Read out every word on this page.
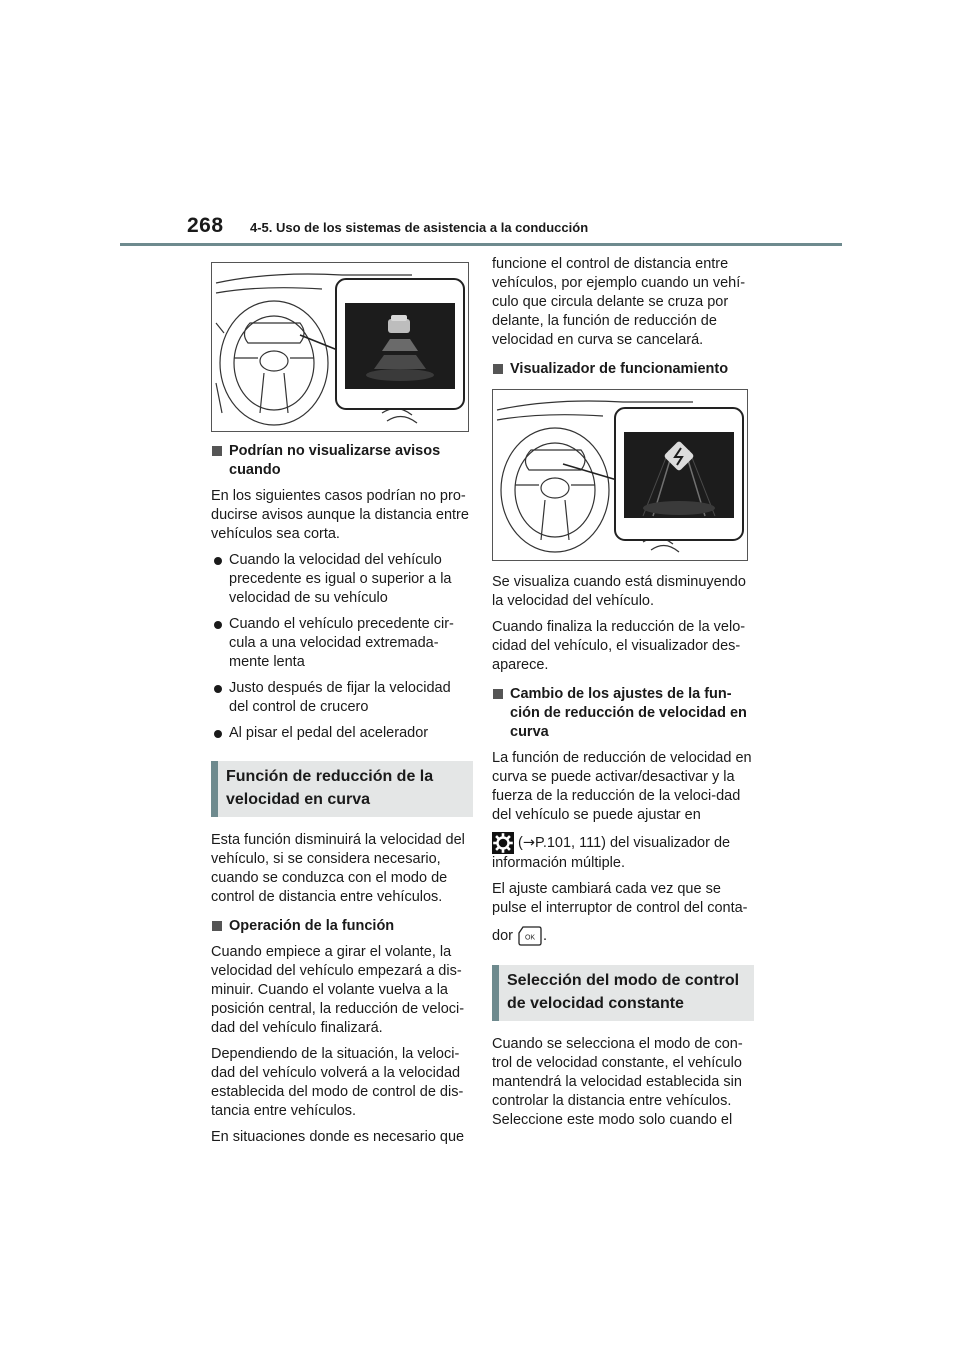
268 4-5. Uso de los sistemas de asistencia a la conducción
Podrían no visualizarse avisos cuando

En los siguientes casos podrían no pro-ducirse avisos aunque la distancia entre vehículos sea corta.

Cuando la velocidad del vehículo precedente es igual o superior a la velocidad de su vehículo
Cuando el vehículo precedente cir-cula a una velocidad extremada-mente lenta
Justo después de fijar la velocidad del control de crucero
Al pisar el pedal del acelerador
Función de reducción de la velocidad en curva

Esta función disminuirá la velocidad del vehículo, si se considera necesario, cuando se conduzca con el modo de control de distancia entre vehículos.

Operación de la función

Cuando empiece a girar el volante, la velocidad del vehículo empezará a dis-minuir. Cuando el volante vuelva a la posición central, la reducción de veloci-dad del vehículo finalizará.

Dependiendo de la situación, la veloci-dad del vehículo volverá a la velocidad establecida del modo de control de dis-tancia entre vehículos.

En situaciones donde es necesario que

funcione el control de distancia entre vehículos, por ejemplo cuando un vehí-culo que circula delante se cruza por delante, la función de reducción de velocidad en curva se cancelará.

Visualizador de funcionamiento

Se visualiza cuando está disminuyendo la velocidad del vehículo.

Cuando finaliza la reducción de la velo-cidad del vehículo, el visualizador des-aparece.

Cambio de los ajustes de la fun-ción de reducción de velocidad en curva

La función de reducción de velocidad en curva se puede activar/desactivar y la fuerza de la reducción de la veloci-dad del vehículo se puede ajustar en

(→P.101, 111) del visualizador de información múltiple.

El ajuste cambiará cada vez que se pulse el interruptor de control del conta-

dor OK .

Selección del modo de control de velocidad constante

Cuando se selecciona el modo de con-trol de velocidad constante, el vehículo mantendrá la velocidad establecida sin controlar la distancia entre vehículos. Seleccione este modo solo cuando el
